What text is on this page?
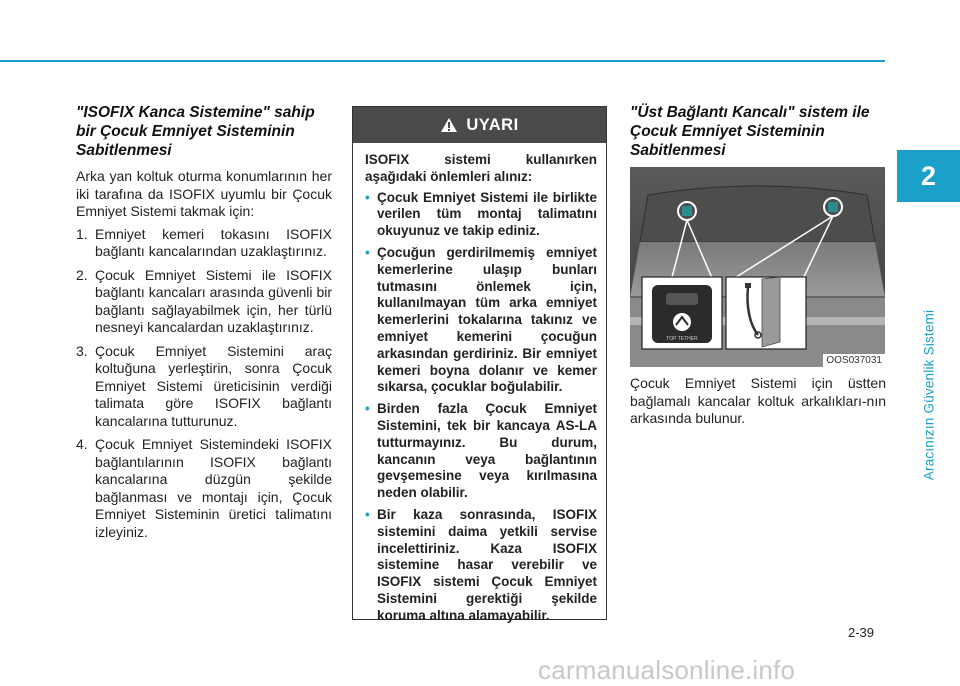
2
Aracınızın Güvenlik Sistemi
"ISOFIX Kanca Sistemine" sahip bir Çocuk Emniyet Sisteminin Sabitlenmesi
Arka yan koltuk oturma konumlarının her iki tarafına da ISOFIX uyumlu bir Çocuk Emniyet Sistemi takmak için:
1. Emniyet kemeri tokasını ISOFIX bağlantı kancalarından uzaklaştırınız.
2. Çocuk Emniyet Sistemi ile ISOFIX bağlantı kancaları arasında güvenli bir bağlantı sağlayabilmek için, her türlü nesneyi kancalardan uzaklaştırınız.
3. Çocuk Emniyet Sistemini araç koltuğuna yerleştirin, sonra Çocuk Emniyet Sistemi üreticisinin verdiği talimata göre ISOFIX bağlantı kancalarına tutturunuz.
4. Çocuk Emniyet Sistemindeki ISOFIX bağlantılarının ISOFIX bağlantı kancalarına düzgün şekilde bağlanması ve montajı için, Çocuk Emniyet Sisteminin üretici talimatını izleyiniz.
UYARI
ISOFIX sistemi kullanırken aşağıdaki önlemleri alınız:
• Çocuk Emniyet Sistemi ile birlikte verilen tüm montaj talimatını okuyunuz ve takip ediniz.
• Çocuğun gerdirilmemiş emniyet kemerlerine ulaşıp bunları tutmasını önlemek için, kullanılmayan tüm arka emniyet kemerlerini tokalarına takınız ve emniyet kemerini çocuğun arkasından gerdiriniz. Bir emniyet kemeri boyna dolanır ve kemer sıkarsa, çocuklar boğulabilir.
• Birden fazla Çocuk Emniyet Sistemini, tek bir kancaya AS-LA tutturmayınız. Bu durum, kancanın veya bağlantının gevşemesine veya kırılmasına neden olabilir.
• Bir kaza sonrasında, ISOFIX sistemini daima yetkili servise incelettiriniz. Kaza ISOFIX sistemine hasar verebilir ve ISOFIX sistemi Çocuk Emniyet Sistemini gerektiği şekilde koruma altına alamayabilir.
"Üst Bağlantı Kancalı" sistem ile Çocuk Emniyet Sisteminin Sabitlenmesi
TOP TETHER
OOS037031
Çocuk Emniyet Sistemi için üstten bağlamalı kancalar koltuk arkalıkları-nın arkasında bulunur.
2-39
carmanualsonline.info
